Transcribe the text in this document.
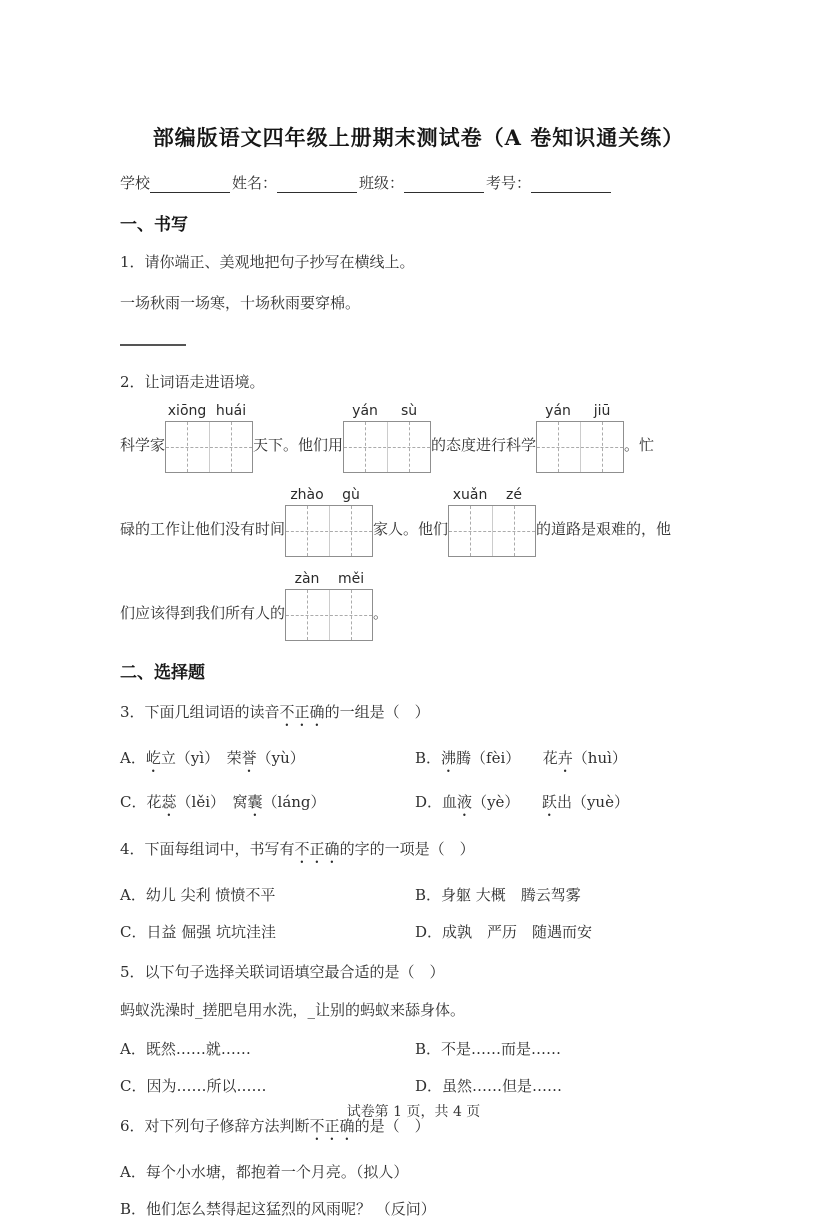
部编版语文四年级上册期末测试卷（A 卷知识通关练）
学校	姓名：	班级：	考号：
一、书写

1．请你端正、美观地把句子抄写在横线上。

一场秋雨一场寒，十场秋雨要穿棉。

2．让词语走进语境。

科学家
xiōng huái
天下。他们用
yán	sù
的态度进行科学
yán	jiū
。忙
碌的工作让他们没有时间
zhào	gù
家人。他们
xuǎn	zé
的道路是艰难的，他
们应该得到我们所有人的
zàn	měi
。
二、选择题
3．下面几组词语的读音不正确的一组是（　）
A．屹立（yì）　荣誉（yù）	B．沸腾（fèi）　　花卉（huì）
C．花蕊（lěi）　窝囊（láng）	D．血液（yè）　　跃出（yuè）
4．下面每组词中，书写有不正确的字的一项是（　）
A．幼儿 尖利 愤愤不平	B．身躯 大概　腾云驾雾
C．日益 倔强 坑坑洼洼	D．成孰　严历　随遇而安
5．以下句子选择关联词语填空最合适的是（　）
蚂蚁洗澡时_搓肥皂用水洗，_让别的蚂蚁来舔身体。
A．既然……就……	B．不是……而是……
C．因为……所以……	D．虽然……但是……
6．对下列句子修辞方法判断不正确的是（　）
A．每个小水塘，都抱着一个月亮。（拟人）
B．他们怎么禁得起这猛烈的风雨呢？ （反问）
试卷第 1 页，共 4 页
